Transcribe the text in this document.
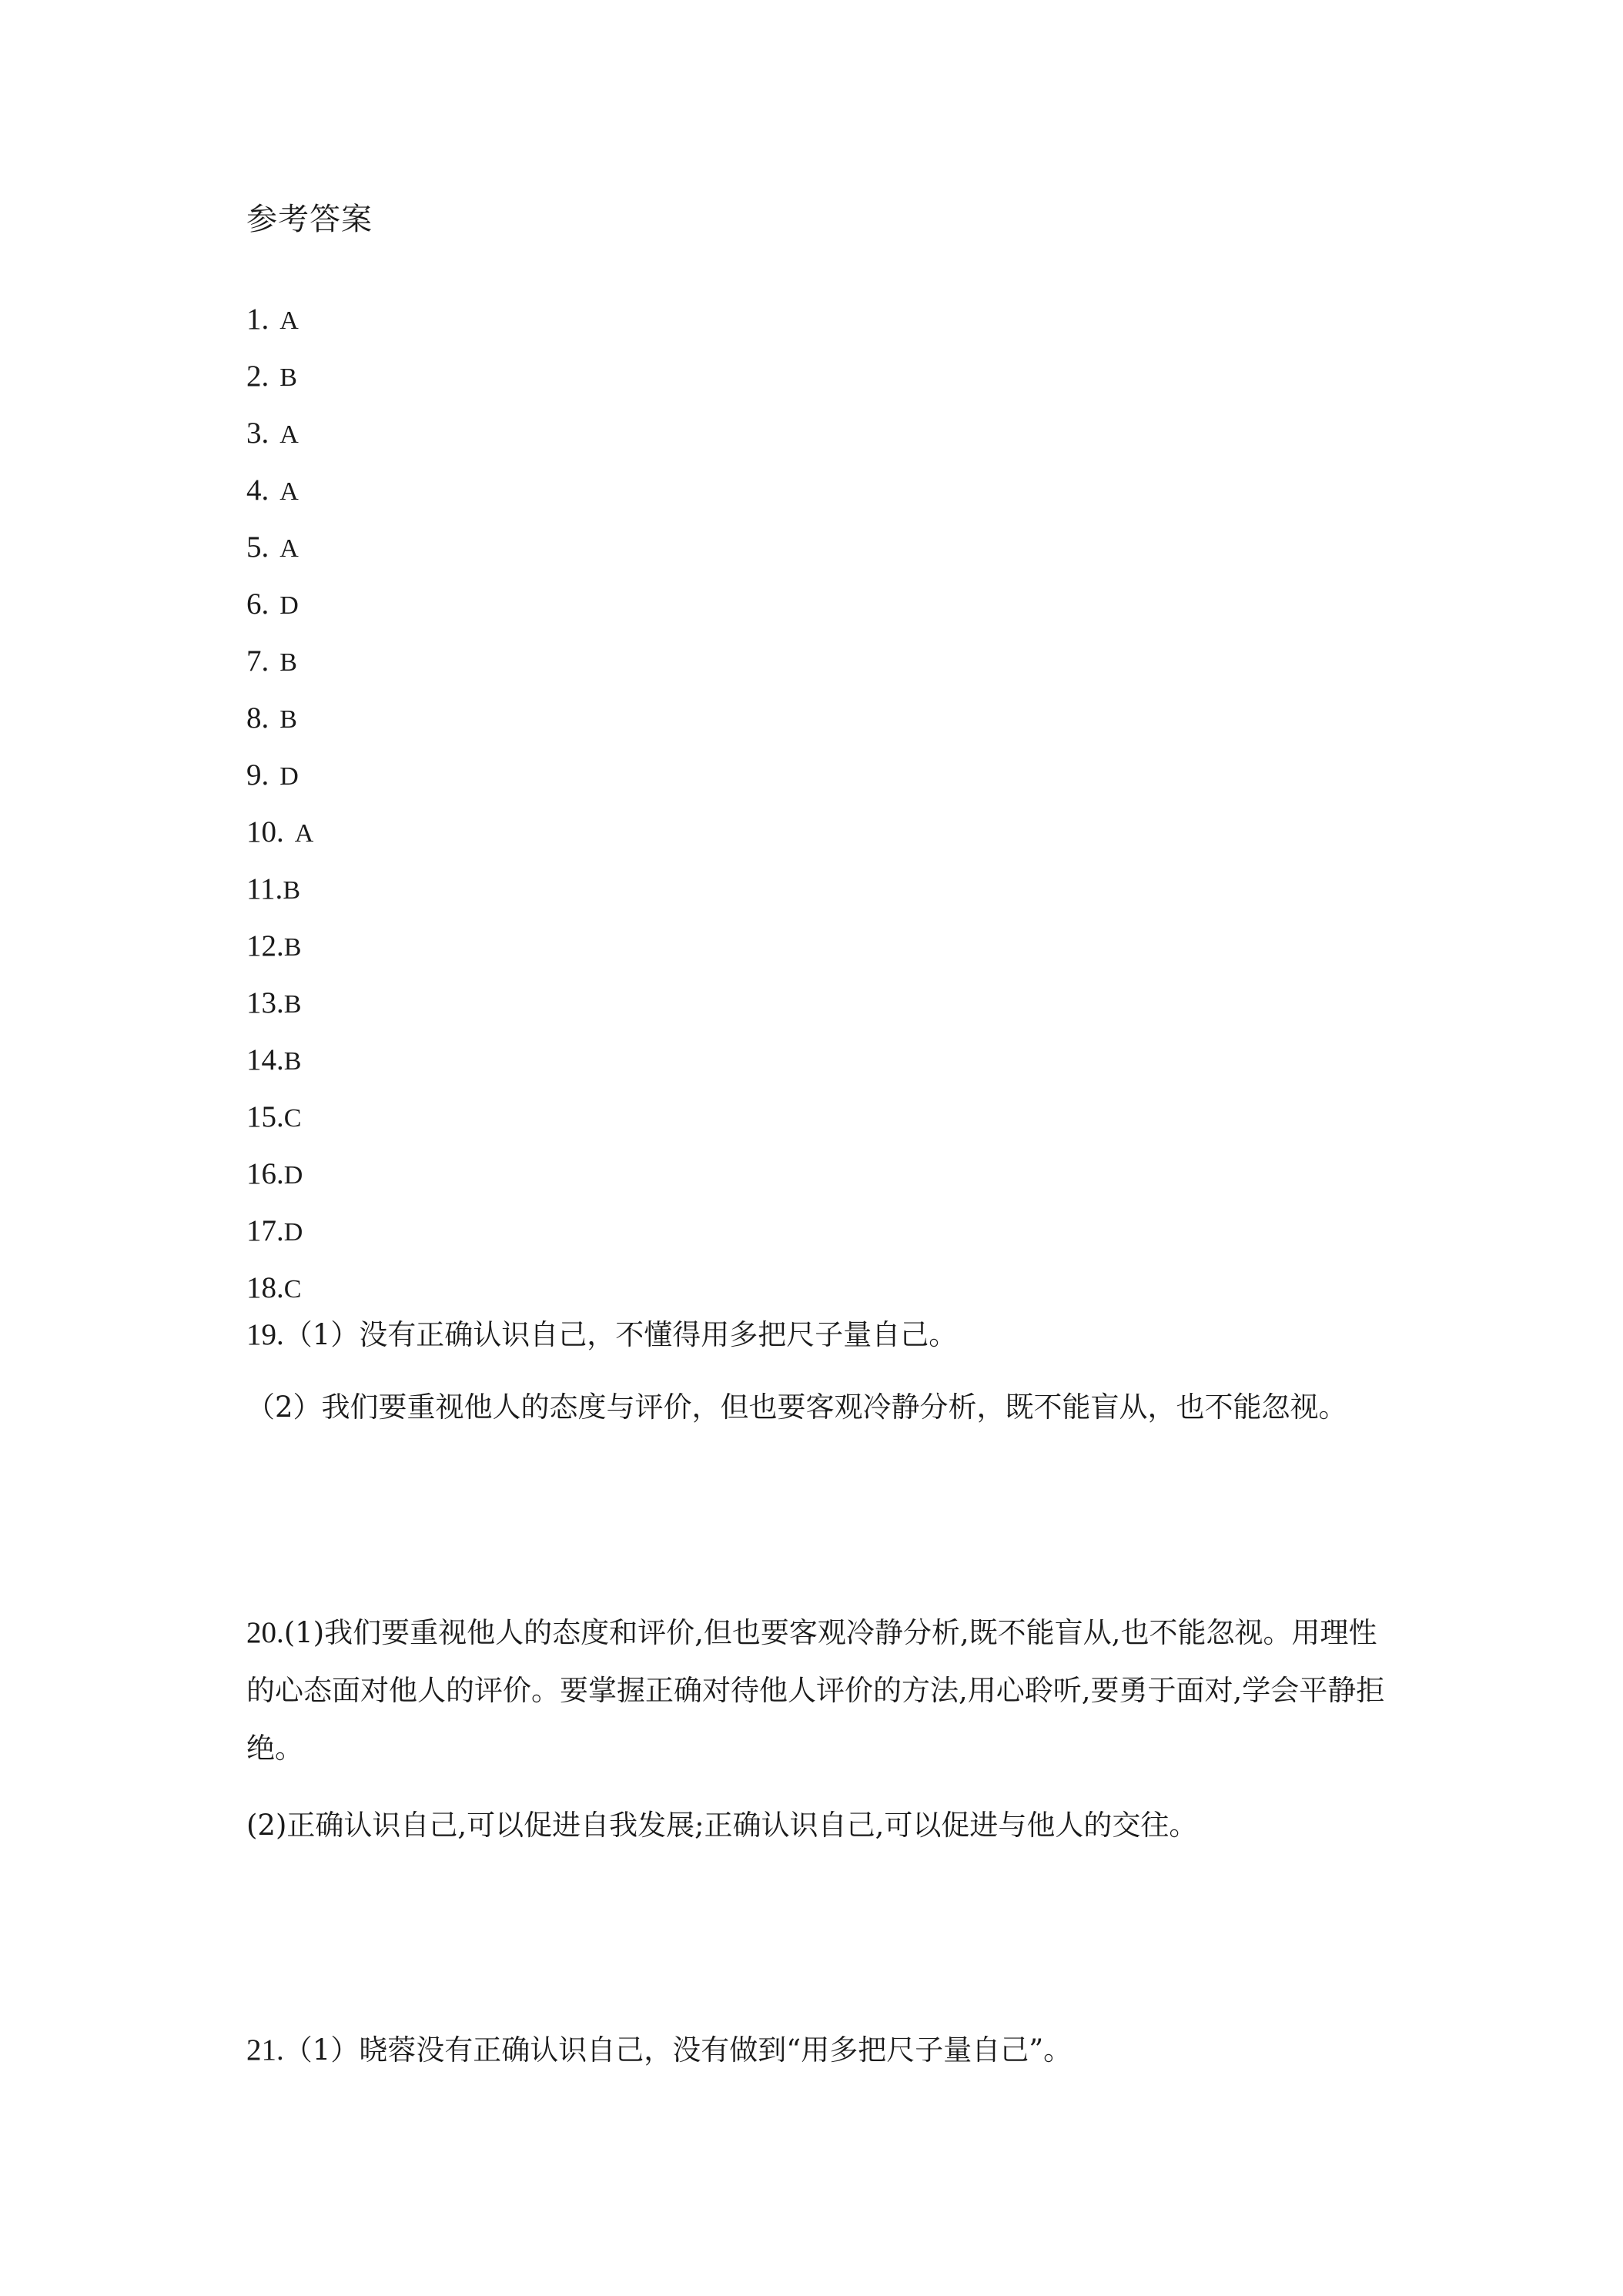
参考答案
1. A
2. B
3. A
4. A
5. A
6. D
7. B
8. B
9. D
10. A
11.B
12.B
13.B
14.B
15.C
16.D
17.D
18.C

19.（1）没有正确认识自己，不懂得用多把尺子量自己。

（2）我们要重视他人的态度与评价，但也要客观冷静分析，既不能盲从，也不能忽视。

20.(1)我们要重视他人的态度和评价,但也要客观冷静分析,既不能盲从,也不能忽视。用理性的心态面对他人的评价。要掌握正确对待他人评价的方法,用心聆听,要勇于面对,学会平静拒绝。

(2)正确认识自己,可以促进自我发展;正确认识自己,可以促进与他人的交往。

21.（1）晓蓉没有正确认识自己，没有做到“用多把尺子量自己”。
